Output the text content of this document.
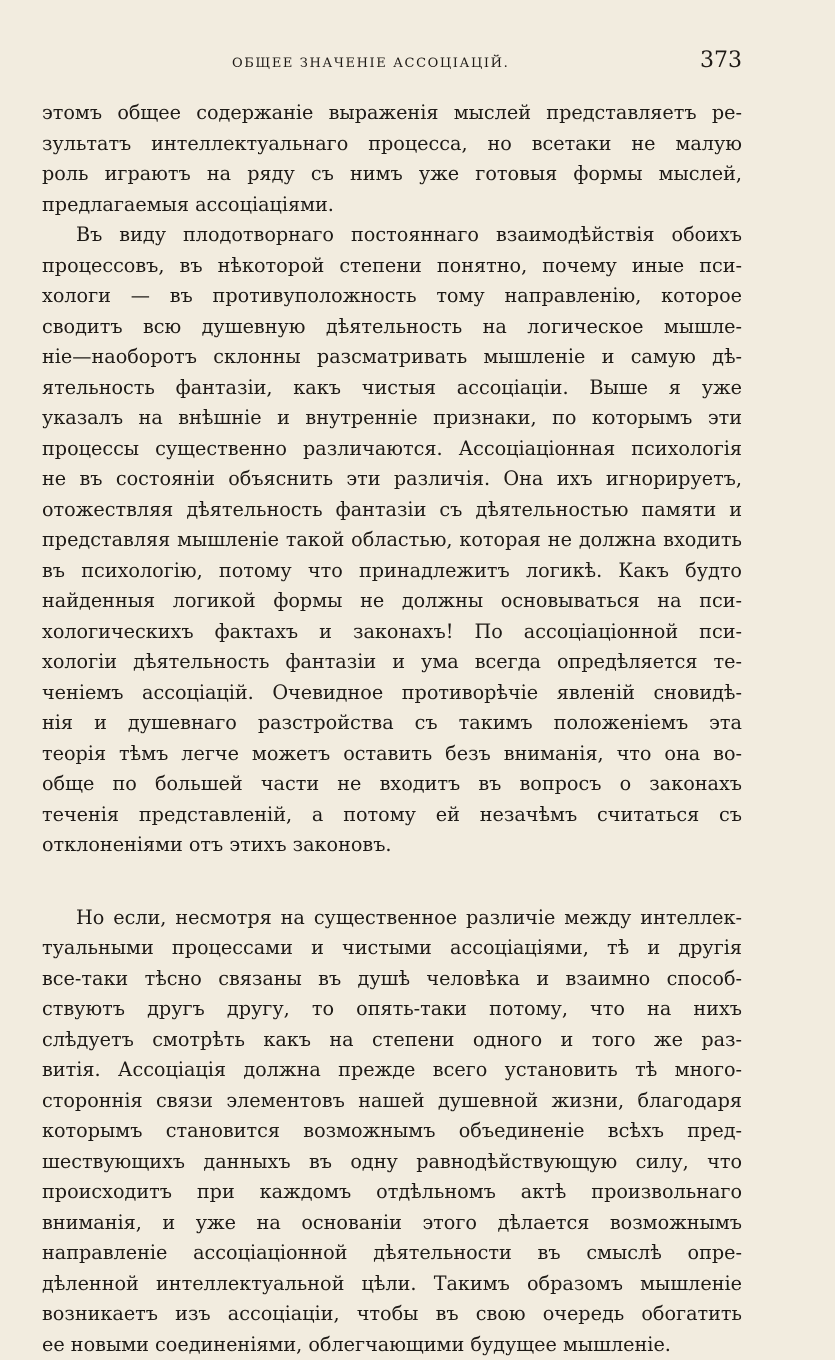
ОБЩЕЕ ЗНАЧЕНІЕ АССОЦІАЦІЙ.	373
этомъ общее содержаніе выраженія мыслей представляетъ ре-
зультатъ интеллектуальнаго процесса, но всетаки не малую
роль играютъ на ряду съ нимъ уже готовыя формы мыслей,
предлагаемыя ассоціаціями.
Въ виду плодотворнаго постояннаго взаимодѣйствія обоихъ
процессовъ, въ нѣкоторой степени понятно, почему иные пси-
хологи — въ противуположность тому направленію, которое
сводитъ всю душевную дѣятельность на логическое мышле-
ніе—наоборотъ склонны разсматривать мышленіе и самую дѣ-
ятельность фантазіи, какъ чистыя ассоціаціи. Выше я уже
указалъ на внѣшніе и внутренніе признаки, по которымъ эти
процессы существенно различаются. Ассоціаціонная психологія
не въ состояніи объяснить эти различія. Она ихъ игнорируетъ,
отожествляя дѣятельность фантазіи съ дѣятельностью памяти и
представляя мышленіе такой областью, которая не должна входить
въ психологію, потому что принадлежитъ логикѣ. Какъ будто
найденныя логикой формы не должны основываться на пси-
хологическихъ фактахъ и законахъ! По ассоціаціонной пси-
хологіи дѣятельность фантазіи и ума всегда опредѣляется те-
ченіемъ ассоціацій. Очевидное противорѣчіе явленій сновидѣ-
нія и душевнаго разстройства съ такимъ положеніемъ эта
теорія тѣмъ легче можетъ оставить безъ вниманія, что она во-
обще по большей части не входитъ въ вопросъ о законахъ
теченія представленій, а потому ей незачѣмъ считаться съ
отклоненіями отъ этихъ законовъ.
Но если, несмотря на существенное различіе между интеллек-
туальными процессами и чистыми ассоціаціями, тѣ и другія
все-таки тѣсно связаны въ душѣ человѣка и взаимно способ-
ствуютъ другъ другу, то опять-таки потому, что на нихъ
слѣдуетъ смотрѣть какъ на степени одного и того же раз-
витія. Ассоціація должна прежде всего установить тѣ много-
стороннія связи элементовъ нашей душевной жизни, благодаря
которымъ становится возможнымъ объединеніе всѣхъ пред-
шествующихъ данныхъ въ одну равнодѣйствующую силу, что
происходитъ при каждомъ отдѣльномъ актѣ произвольнаго
вниманія, и уже на основаніи этого дѣлается возможнымъ
направленіе ассоціаціонной дѣятельности въ смыслѣ опре-
дѣленной интеллектуальной цѣли. Такимъ образомъ мышленіе
возникаетъ изъ ассоціаціи, чтобы въ свою очередь обогатить
ее новыми соединеніями, облегчающими будущее мышленіе.
